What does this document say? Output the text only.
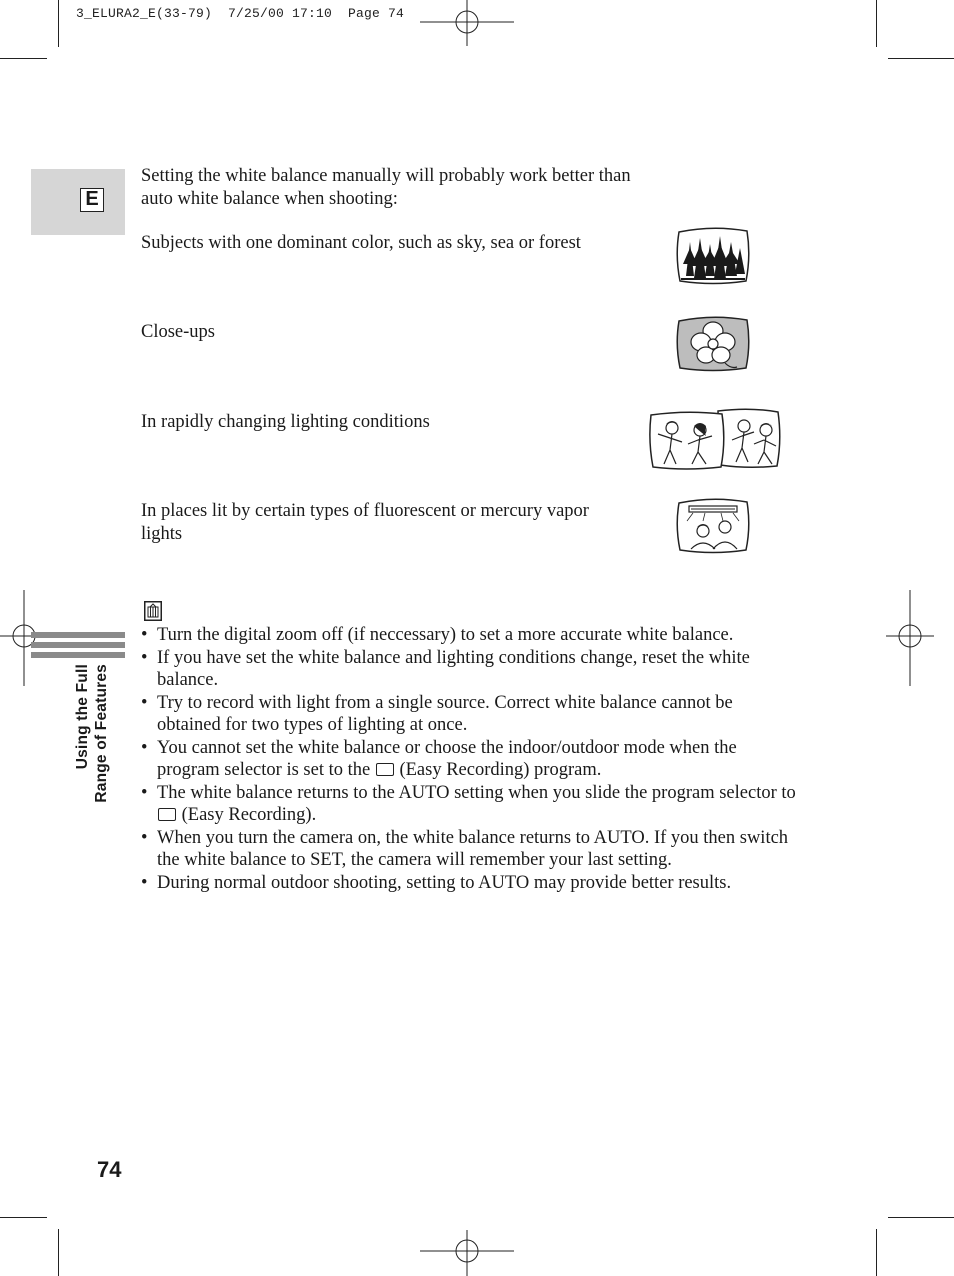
3_ELURA2_E(33-79)  7/25/00 17:10  Page 74
E
Setting the white balance manually will probably work better than auto white balance when shooting:
Subjects with one dominant color, such as sky, sea or forest
Close-ups
In rapidly changing lighting conditions
In places lit by certain types of fluorescent or mercury vapor lights
• Turn the digital zoom off (if neccessary) to set a more accurate white balance.
• If you have set the white balance and lighting conditions change, reset the white balance.
• Try to record with light from a single source. Correct white balance cannot be obtained for two types of lighting at once.
• You cannot set the white balance or choose the indoor/outdoor mode when the program selector is set to the (Easy Recording) program.
• The white balance returns to the AUTO setting when you slide the program selector to  (Easy Recording).
• When you turn the camera on, the white balance returns to AUTO. If you then switch the white balance to SET, the camera will remember your last setting.
• During normal outdoor shooting, setting to AUTO may provide better results.
Using the Full Range of Features
74
